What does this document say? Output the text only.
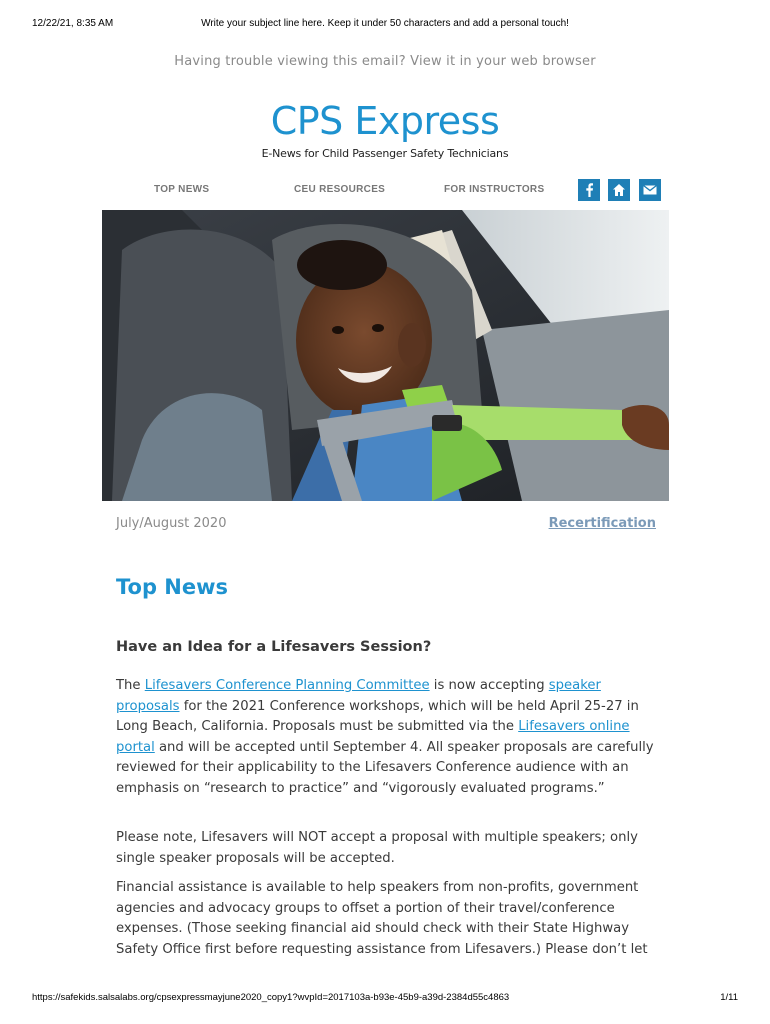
12/22/21, 8:35 AM	Write your subject line here. Keep it under 50 characters and add a personal touch!
Having trouble viewing this email? View it in your web browser
CPS Express
E-News for Child Passenger Safety Technicians
TOP NEWS	CEU RESOURCES	FOR INSTRUCTORS
July/August 2020	Recertification
Top News
Have an Idea for a Lifesavers Session?

The Lifesavers Conference Planning Committee is now accepting speaker proposals for the 2021 Conference workshops, which will be held April 25-27 in Long Beach, California. Proposals must be submitted via the Lifesavers online portal and will be accepted until September 4. All speaker proposals are carefully reviewed for their applicability to the Lifesavers Conference audience with an emphasis on “research to practice” and “vigorously evaluated programs.”

Please note, Lifesavers will NOT accept a proposal with multiple speakers; only single speaker proposals will be accepted.

Financial assistance is available to help speakers from non-profits, government agencies and advocacy groups to offset a portion of their travel/conference expenses. (Those seeking financial aid should check with their State Highway Safety Office first before requesting assistance from Lifesavers.) Please don’t let

https://safekids.salsalabs.org/cpsexpressmayjune2020_copy1?wvpId=2017103a-b93e-45b9-a39d-2384d55c4863	1/11
